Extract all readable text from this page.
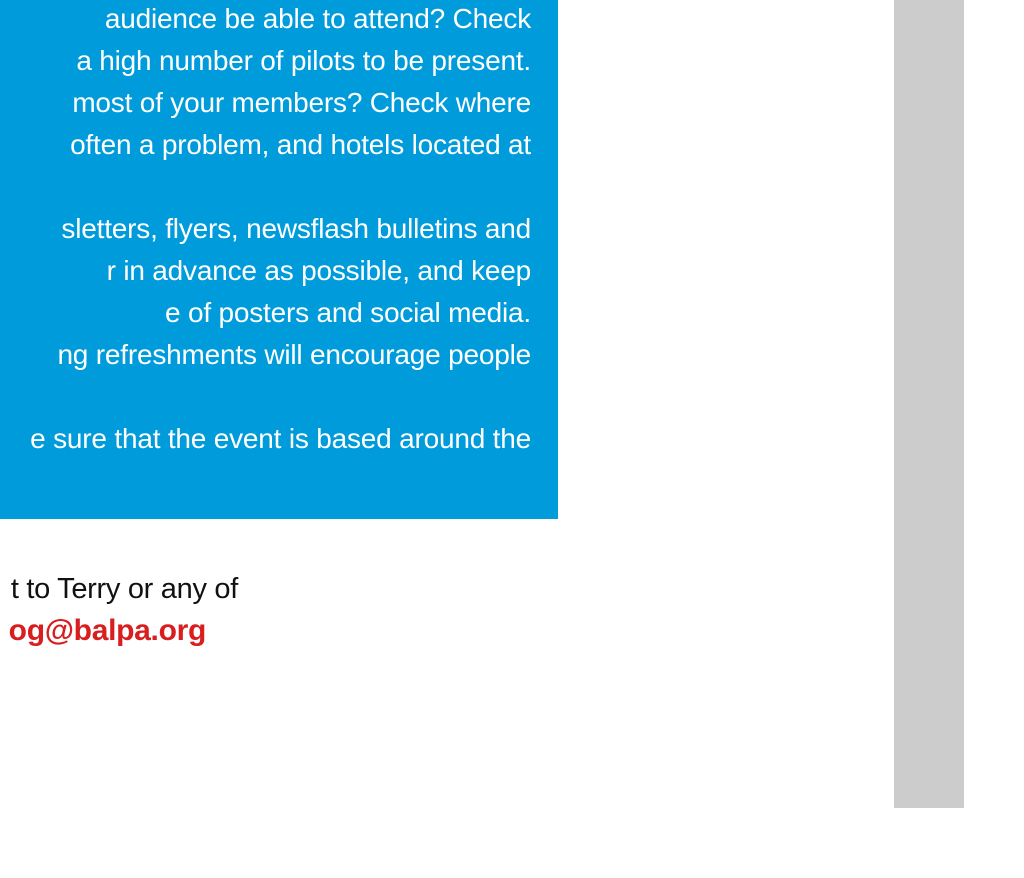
audience be able to attend? Check
a high number of pilots to be present.
most of your members? Check where
often a problem, and hotels located at
sletters, flyers, newsflash bulletins and
r in advance as possible, and keep
e of posters and social media.
ng refreshments will encourage people
e sure that the event is based around the
t to Terry or any of
og@balpa.org
